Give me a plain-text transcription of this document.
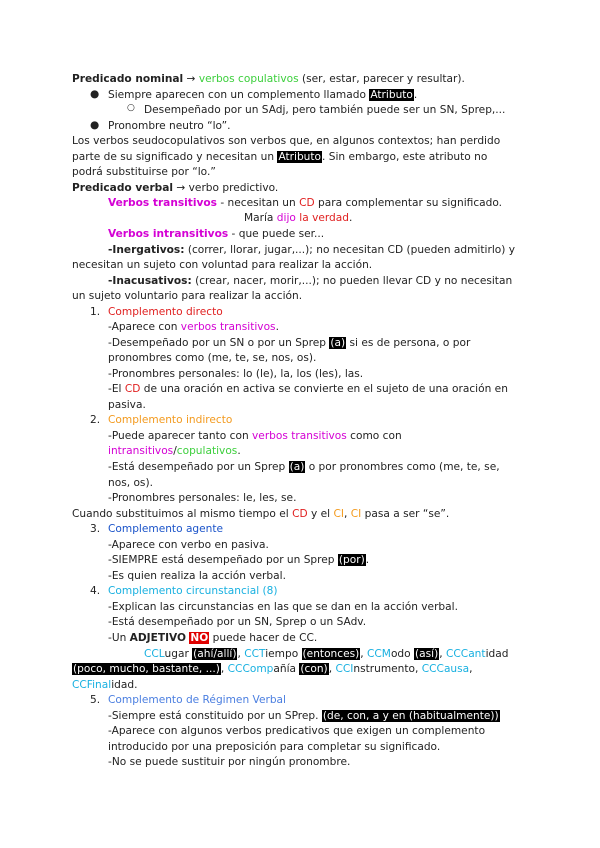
Predicado nominal → verbos copulativos (ser, estar, parecer y resultar).
● Siempre aparecen con un complemento llamado Atributo.
○ Desempeñado por un SAdj, pero también puede ser un SN, Sprep,...
● Pronombre neutro “lo”.
Los verbos seudocopulativos son verbos que, en algunos contextos; han perdido
parte de su significado y necesitan un Atributo. Sin embargo, este atributo no
podrá substituirse por “lo.”
Predicado verbal → verbo predictivo.
Verbos transitivos - necesitan un CD para complementar su significado.
María dijo la verdad.
Verbos intransitivos - que puede ser...
-Inergativos: (correr, llorar, jugar,...); no necesitan CD (pueden admitirlo) y
necesitan un sujeto con voluntad para realizar la acción.
-Inacusativos: (crear, nacer, morir,...); no pueden llevar CD y no necesitan
un sujeto voluntario para realizar la acción.
1. Complemento directo
-Aparece con verbos transitivos.
-Desempeñado por un SN o por un Sprep (a) si es de persona, o por
pronombres como (me, te, se, nos, os).
-Pronombres personales: lo (le), la, los (les), las.
-El CD de una oración en activa se convierte en el sujeto de una oración en
pasiva.
2. Complemento indirecto
-Puede aparecer tanto con verbos transitivos como con
intransitivos/copulativos.
-Está desempeñado por un Sprep (a) o por pronombres como (me, te, se,
nos, os).
-Pronombres personales: le, les, se.
Cuando substituimos al mismo tiempo el CD y el CI, CI pasa a ser “se”.
3. Complemento agente
-Aparece con verbo en pasiva.
-SIEMPRE está desempeñado por un Sprep (por).
-Es quien realiza la acción verbal.
4. Complemento circunstancial (8)
-Explican las circunstancias en las que se dan en la acción verbal.
-Está desempeñado por un SN, Sprep o un SAdv.
-Un ADJETIVO NO puede hacer de CC.
CCLugar (ahí/allí), CCTiempo (entonces), CCModo (así), CCCantidad
(poco, mucho, bastante, ...), CCCompañía (con), CCInstrumento, CCCausa,
CCFinalidad.
5. Complemento de Régimen Verbal
-Siempre está constituido por un SPrep. (de, con, a y en (habitualmente))
-Aparece con algunos verbos predicativos que exigen un complemento
introducido por una preposición para completar su significado.
-No se puede sustituir por ningún pronombre.
